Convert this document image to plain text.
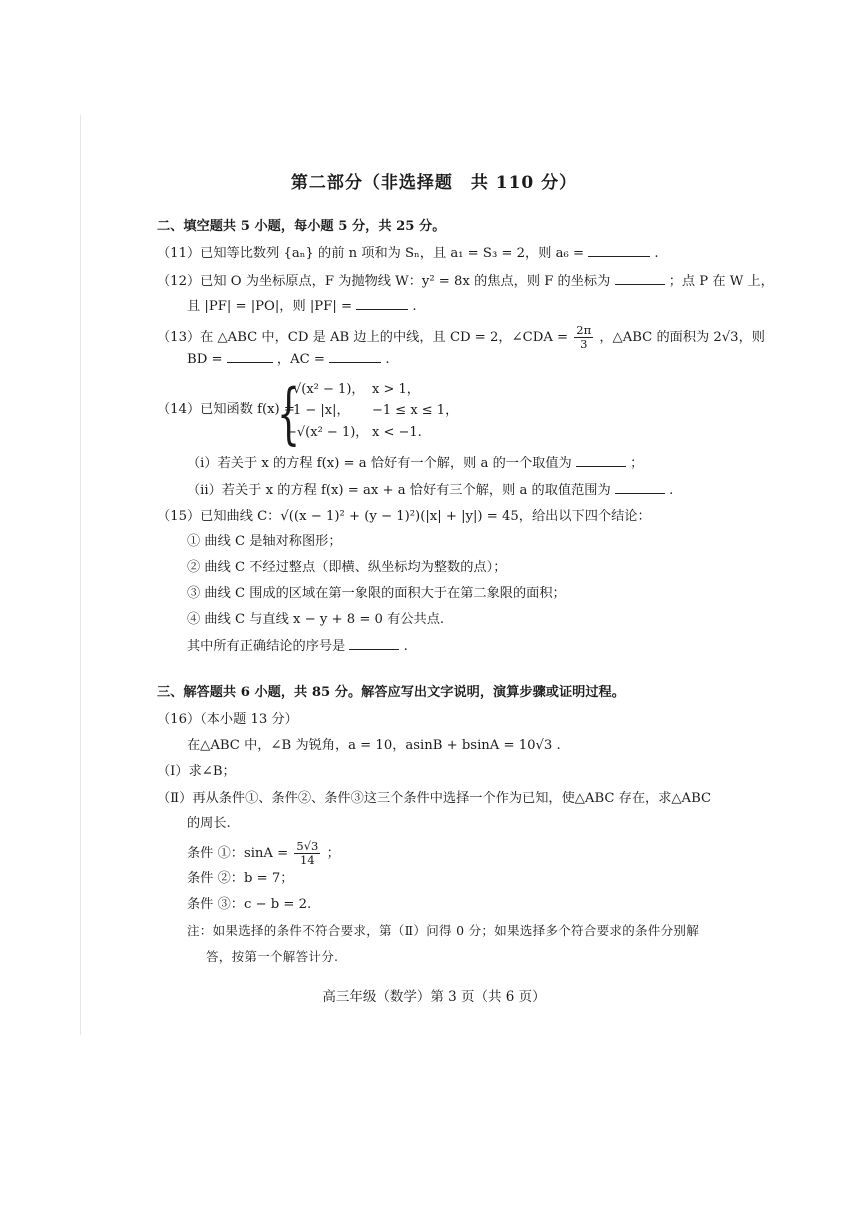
第二部分（非选择题　共 110 分）
二、填空题共 5 小题，每小题 5 分，共 25 分。
（11）已知等比数列 {aₙ} 的前 n 项和为 Sₙ，且 a₁ = S₃ = 2，则 a₆ =	.
（12）已知 O 为坐标原点，F 为抛物线 W：y² = 8x 的焦点，则 F 的坐标为	；点 P 在 W 上，
且 |PF| = |PO|，则 |PF| =	.
（13）在 △ABC 中，CD 是 AB 边上的中线，且 CD = 2，∠CDA = $\frac{2\pi}{3}$ ，△ABC 的面积为 2√3，则
BD =	，AC =	.
（14）已知函数 f(x) =
{
√(x² − 1)， x > 1，
1 − |x|， −1 ≤ x ≤ 1，
−√(x² − 1)， x < −1.
（i）若关于 x 的方程 f(x) = a 恰好有一个解，则 a 的一个取值为	；
（ii）若关于 x 的方程 f(x) = ax + a 恰好有三个解，则 a 的取值范围为	.
（15）已知曲线 C：√((x − 1)² + (y − 1)²)(|x| + |y|) = 45，给出以下四个结论：
① 曲线 C 是轴对称图形；
② 曲线 C 不经过整点（即横、纵坐标均为整数的点）；
③ 曲线 C 围成的区域在第一象限的面积大于在第二象限的面积；
④ 曲线 C 与直线 x − y + 8 = 0 有公共点.
其中所有正确结论的序号是	.
三、解答题共 6 小题，共 85 分。解答应写出文字说明，演算步骤或证明过程。
（16）（本小题 13 分）
在△ABC 中，∠B 为锐角，a = 10，asinB + bsinA = 10√3 .
（Ⅰ）求∠B；
（Ⅱ）再从条件①、条件②、条件③这三个条件中选择一个作为已知，使△ABC 存在，求△ABC
的周长.
条件 ①：$\sin A = \frac{5√3}{14}$ ；
条件 ②：b = 7；
条件 ③：c − b = 2.
注：如果选择的条件不符合要求，第（Ⅱ）问得 0 分；如果选择多个符合要求的条件分别解
答，按第一个解答计分.
高三年级（数学）第 3 页（共 6 页）
